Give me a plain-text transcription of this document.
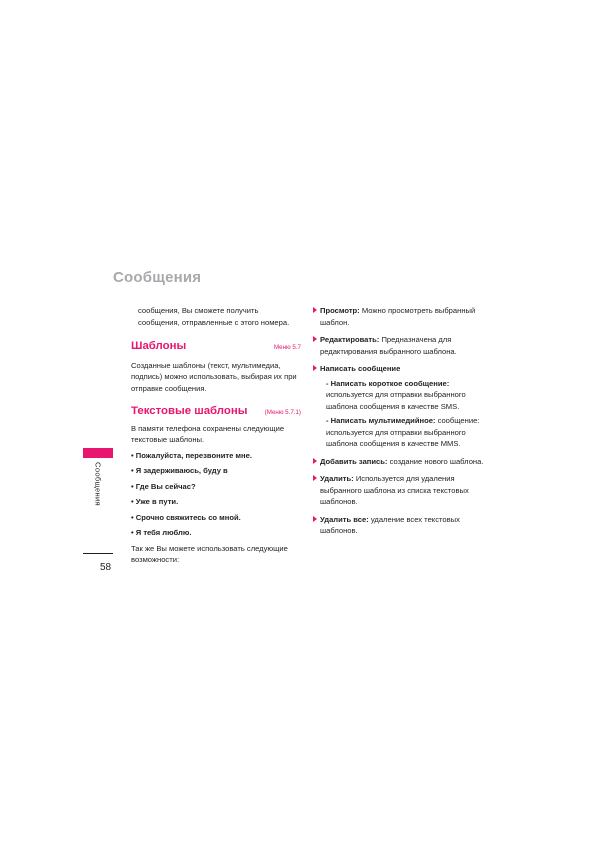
Сообщения

сообщения, Вы сможете получить сообщения, отправленные с этого номера.

Шаблоны	Меню 5.7

Созданные шаблоны (текст, мультимедиа, подпись) можно использовать, выбирая их при отправке сообщения.

Текстовые шаблоны	(Меню 5.7.1)

В памяти телефона сохранены следующие текстовые шаблоны.

• Пожалуйста, перезвоните мне.
• Я задерживаюсь, буду в
• Где Вы сейчас?
• Уже в пути.
• Срочно свяжитесь со мной.
• Я тебя люблю.

Так же Вы можете использовать следующие возможности:

Просмотр: Можно просмотреть выбранный шаблон.
Редактировать: Предназначена для редактирования выбранного шаблона.
Написать сообщение

- Написать короткое сообщение: используется для отправки выбранного шаблона сообщения в качестве SMS.

- Написать мультимедийное: сообщение: используется для отправки выбранного шаблона сообщения в качестве MMS.

Добавить запись: создание нового шаблона.
Удалить: Используется для удаления выбранного шаблона из списка текстовых шаблонов.
Удалить все: удаление всех текстовых шаблонов.
Сообщения
58
